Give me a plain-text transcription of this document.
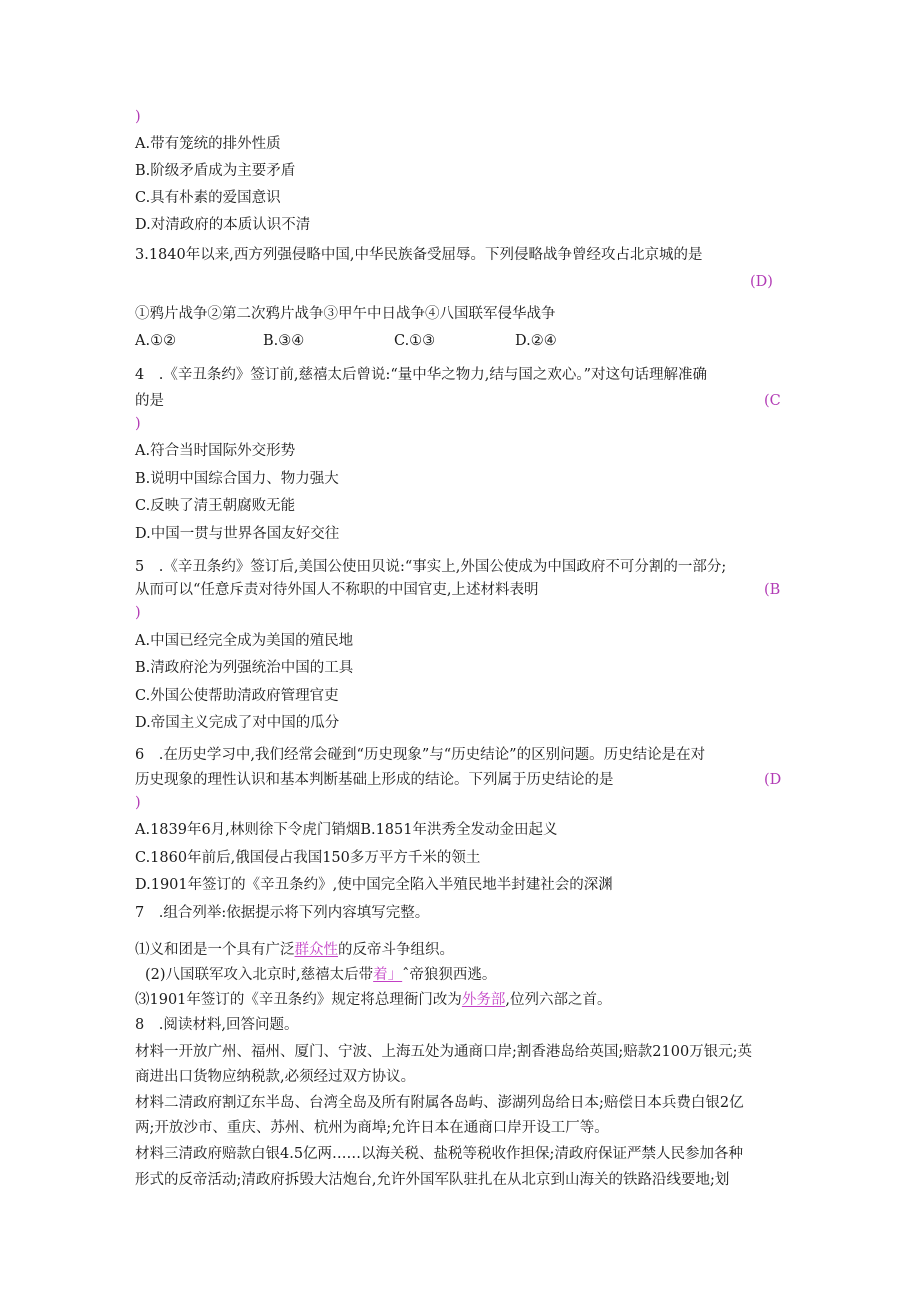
)
A.带有笼统的排外性质
B.阶级矛盾成为主要矛盾
C.具有朴素的爱国意识
D.对清政府的本质认识不清
3.1840年以来,西方列强侵略中国,中华民族备受屈辱。下列侵略战争曾经攻占北京城的是
(D)
①鸦片战争②第二次鸦片战争③甲午中日战争④八国联军侵华战争
A.①②	B.③④	C.①③	D.②④
4　.《辛丑条约》签订前,慈禧太后曾说:“量中华之物力,结与国之欢心。”对这句话理解准确
的是	(C
)
A.符合当时国际外交形势
B.说明中国综合国力、物力强大
C.反映了清王朝腐败无能
D.中国一贯与世界各国友好交往
5　.《辛丑条约》签订后,美国公使田贝说:“事实上,外国公使成为中国政府不可分割的一部分;
从而可以“任意斥责对待外国人不称职的中国官吏,上述材料表明	(B
)
A.中国已经完全成为美国的殖民地
B.清政府沦为列强统治中国的工具
C.外国公使帮助清政府管理官吏
D.帝国主义完成了对中国的瓜分
6　.在历史学习中,我们经常会碰到“历史现象”与“历史结论”的区别问题。历史结论是在对
历史现象的理性认识和基本判断基础上形成的结论。下列属于历史结论的是	(D
)
A.1839年6月,林则徐下令虎门销烟B.1851年洪秀全发动金田起义
C.1860年前后,俄国侵占我国150多万平方千米的领土
D.1901年签订的《辛丑条约》,使中国完全陷入半殖民地半封建社会的深渊
7　.组合列举:依据提示将下列内容填写完整。
⑴义和团是一个具有广泛群众性的反帝斗争组织。
(2)八国联军攻入北京时,慈禧太后带着」ˆ帝狼狈西逃。
⑶1901年签订的《辛丑条约》规定将总理衙门改为外务部,位列六部之首。
8　.阅读材料,回答问题。
材料一开放广州、福州、厦门、宁波、上海五处为通商口岸;割香港岛给英国;赔款2100万银元;英
商进出口货物应纳税款,必须经过双方协议。
材料二清政府割辽东半岛、台湾全岛及所有附属各岛屿、澎湖列岛给日本;赔偿日本兵费白银2亿
两;开放沙市、重庆、苏州、杭州为商埠;允许日本在通商口岸开设工厂等。
材料三清政府赔款白银4.5亿两……以海关税、盐税等税收作担保;清政府保证严禁人民参加各种
形式的反帝活动;清政府拆毁大沽炮台,允许外国军队驻扎在从北京到山海关的铁路沿线要地;划
